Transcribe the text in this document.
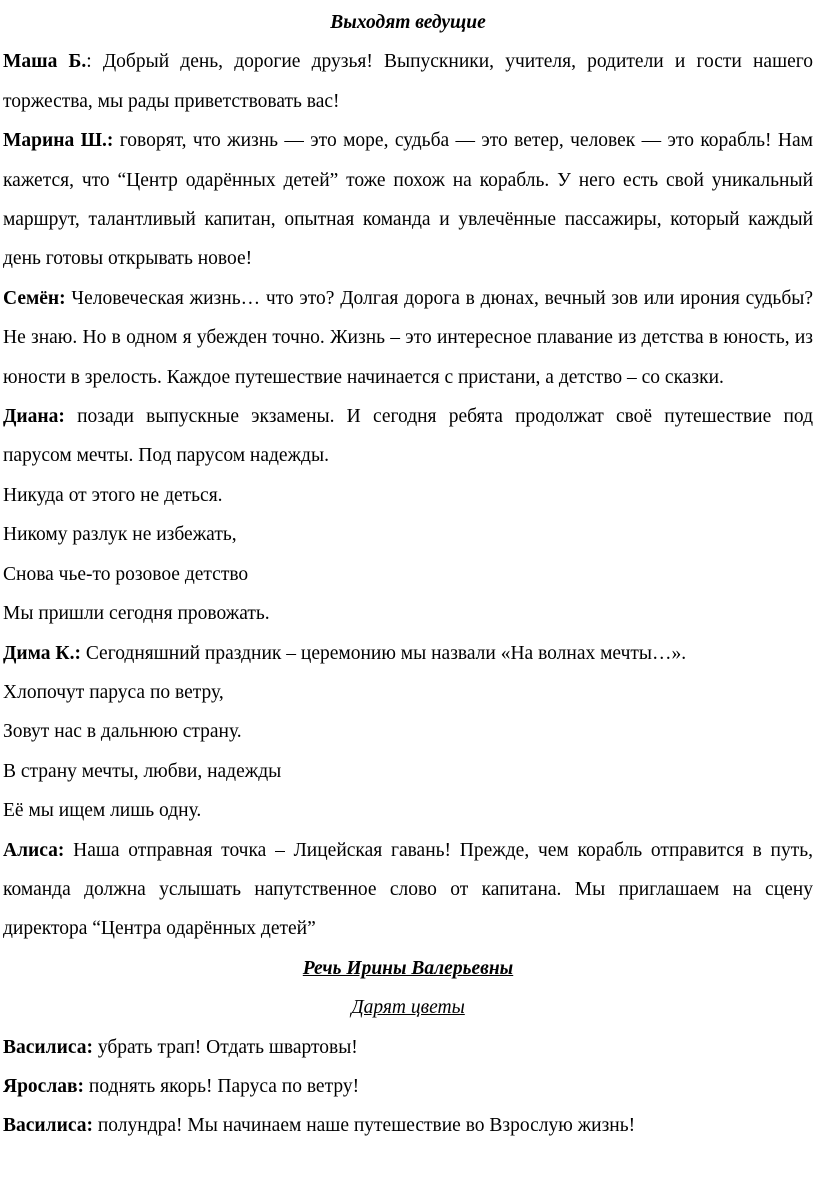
Выходят ведущие

Маша Б.: Добрый день, дорогие друзья! Выпускники, учителя, родители и гости нашего торжества, мы рады приветствовать вас!

Марина Ш.: говорят, что жизнь — это море, судьба — это ветер, человек — это корабль! Нам кажется, что “Центр одарённых детей” тоже похож на корабль. У него есть свой уникальный маршрут, талантливый капитан, опытная команда и увлечённые пассажиры, который каждый день готовы открывать новое!

Семён: Человеческая жизнь… что это? Долгая дорога в дюнах, вечный зов или ирония судьбы? Не знаю. Но в одном я убежден точно. Жизнь – это интересное плавание из детства в юность, из юности в зрелость. Каждое путешествие начинается с пристани, а детство – со сказки.

Диана: позади выпускные экзамены. И сегодня ребята продолжат своё путешествие под парусом мечты. Под парусом надежды.

Никуда от этого не деться.

Никому разлук не избежать,

Снова чье-то розовое детство

Мы пришли сегодня провожать.

Дима К.: Сегодняшний праздник – церемонию мы назвали «На волнах мечты…».

Хлопочут паруса по ветру,

Зовут нас в дальнюю страну.

В страну мечты, любви, надежды

Её мы ищем лишь одну.

Алиса: Наша отправная точка – Лицейская гавань! Прежде, чем корабль отправится в путь, команда должна услышать напутственное слово от капитана. Мы приглашаем на сцену директора “Центра одарённых детей”

Речь Ирины Валерьевны

Дарят цветы

Василиса: убрать трап! Отдать швартовы!

Ярослав: поднять якорь! Паруса по ветру!

Василиса: полундра! Мы начинаем наше путешествие во Взрослую жизнь!
